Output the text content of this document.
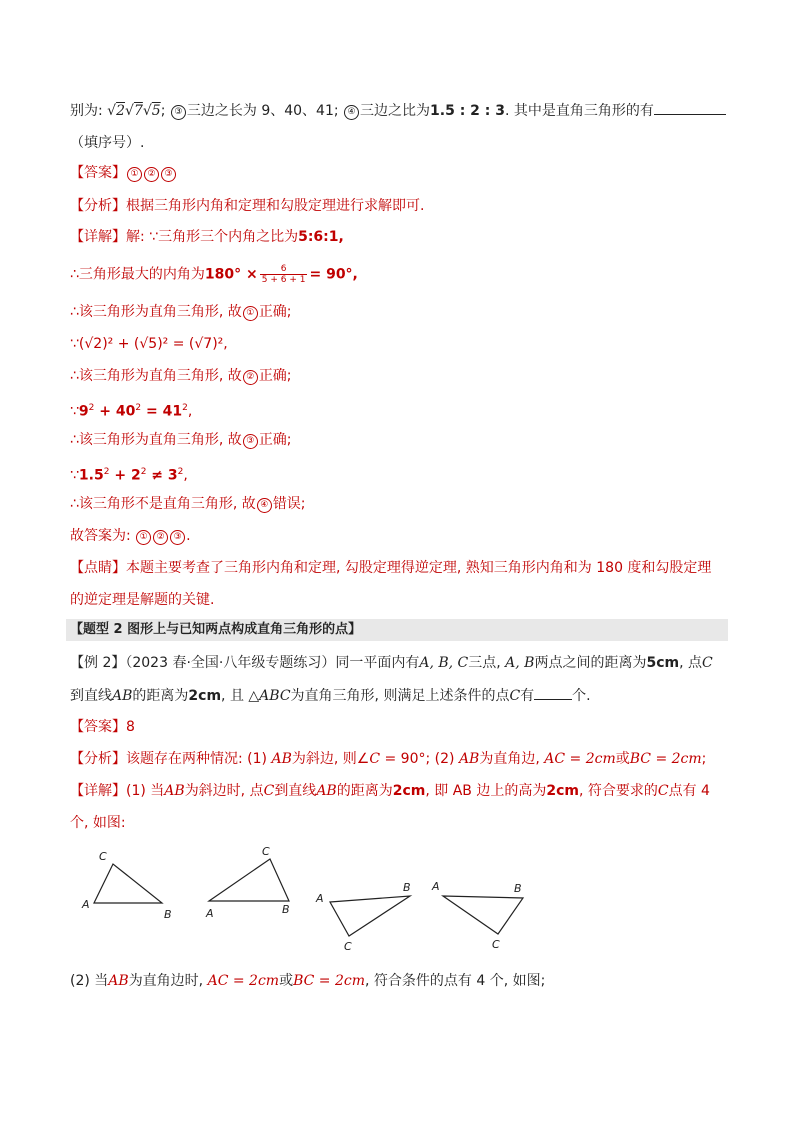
别为: √2√7√5; ③ 三边之长为 9、40、41; ④ 三边之比为1.5 : 2 : 3. 其中是直角三角形的有
（填序号）.
【答案】 ① ② ③
【分析】根据三角形内角和定理和勾股定理进行求解即可.
【详解】解: ∵三角形三个内角之比为5:6:1,
∴三角形最大的内角为$180^\circ \times \frac{6}{5 + 6 + 1} = 90^\circ$,
∴该三角形为直角三角形, 故 ① 正确;
∵(√2)² + (√5)² = (√7)²,
∴该三角形为直角三角形, 故 ② 正确;
$\because 9^2 + 40^2 = 41^2$,
∴该三角形为直角三角形, 故 ③ 正确;
$\because 1.5^2 + 2^2 \ne 3^2$,
∴该三角形不是直角三角形, 故 ④ 错误;
故答案为: ① ② ③ .
【点睛】本题主要考查了三角形内角和定理, 勾股定理得逆定理, 熟知三角形内角和为 180 度和勾股定理
的逆定理是解题的关键.
【题型 2 图形上与已知两点构成直角三角形的点】
【例 2】（2023 春·全国·八年级专题练习）同一平面内有A, B, C三点, A, B两点之间的距离为5cm, 点C
到直线AB的距离为2cm, 且 △ABC为直角三角形, 则满足上述条件的点C有	个.
【答案】8
【分析】该题存在两种情况: (1) AB为斜边, 则∠C = 90°; (2) AB为直角边, AC = 2cm或BC = 2cm;
【详解】(1) 当AB为斜边时, 点C到直线AB的距离为2cm, 即 AB 边上的高为2cm, 符合要求的C点有 4
个, 如图:
C
A
B
C
A	B
A
B
C
A	B
C
(2) 当AB为直角边时, AC = 2cm或BC = 2cm, 符合条件的点有 4 个, 如图;
